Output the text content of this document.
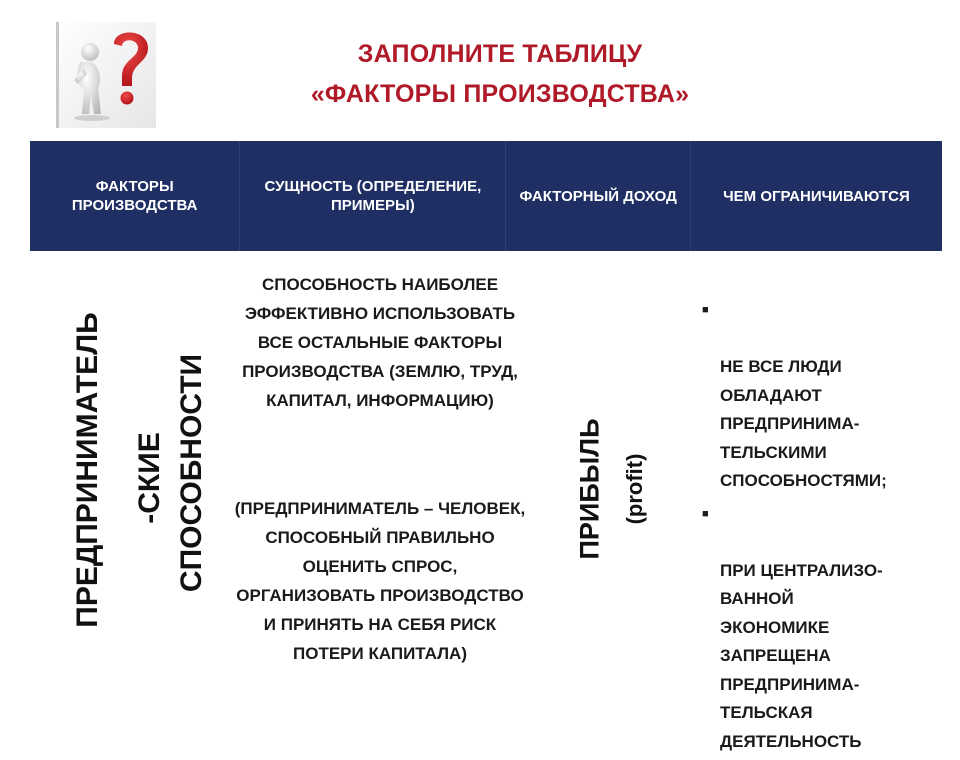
ЗАПОЛНИТЕ ТАБЛИЦУ
«ФАКТОРЫ ПРОИЗВОДСТВА»
ФАКТОРЫ ПРОИЗВОДСТВА
СУЩНОСТЬ (ОПРЕДЕЛЕНИЕ, ПРИМЕРЫ)
ФАКТОРНЫЙ ДОХОД	ЧЕМ ОГРАНИЧИВАЮТСЯ
ПРЕДПРИНИМАТЕЛЬ -СКИЕ СПОСОБНОСТИ
СПОСОБНОСТЬ НАИБОЛЕЕ ЭФФЕКТИВНО ИСПОЛЬЗОВАТЬ ВСЕ ОСТАЛЬНЫЕ ФАКТОРЫ ПРОИЗВОДСТВА (ЗЕМЛЮ, ТРУД, КАПИТАЛ, ИНФОРМАЦИЮ)
(ПРЕДПРИНИМАТЕЛЬ – ЧЕЛОВЕК, СПОСОБНЫЙ ПРАВИЛЬНО ОЦЕНИТЬ СПРОС, ОРГАНИЗОВАТЬ ПРОИЗВОДСТВО И ПРИНЯТЬ НА СЕБЯ РИСК ПОТЕРИ КАПИТАЛА)
ПРИБЫЛЬ (profit)

■

НЕ ВСЕ ЛЮДИ
ОБЛАДАЮТ
ПРЕДПРИНИМА-
ТЕЛЬСКИМИ
СПОСОБНОСТЯМИ;

■

ПРИ ЦЕНТРАЛИЗО-
ВАННОЙ
ЭКОНОМИКЕ
ЗАПРЕЩЕНА
ПРЕДПРИНИМА-
ТЕЛЬСКАЯ
ДЕЯТЕЛЬНОСТЬ
